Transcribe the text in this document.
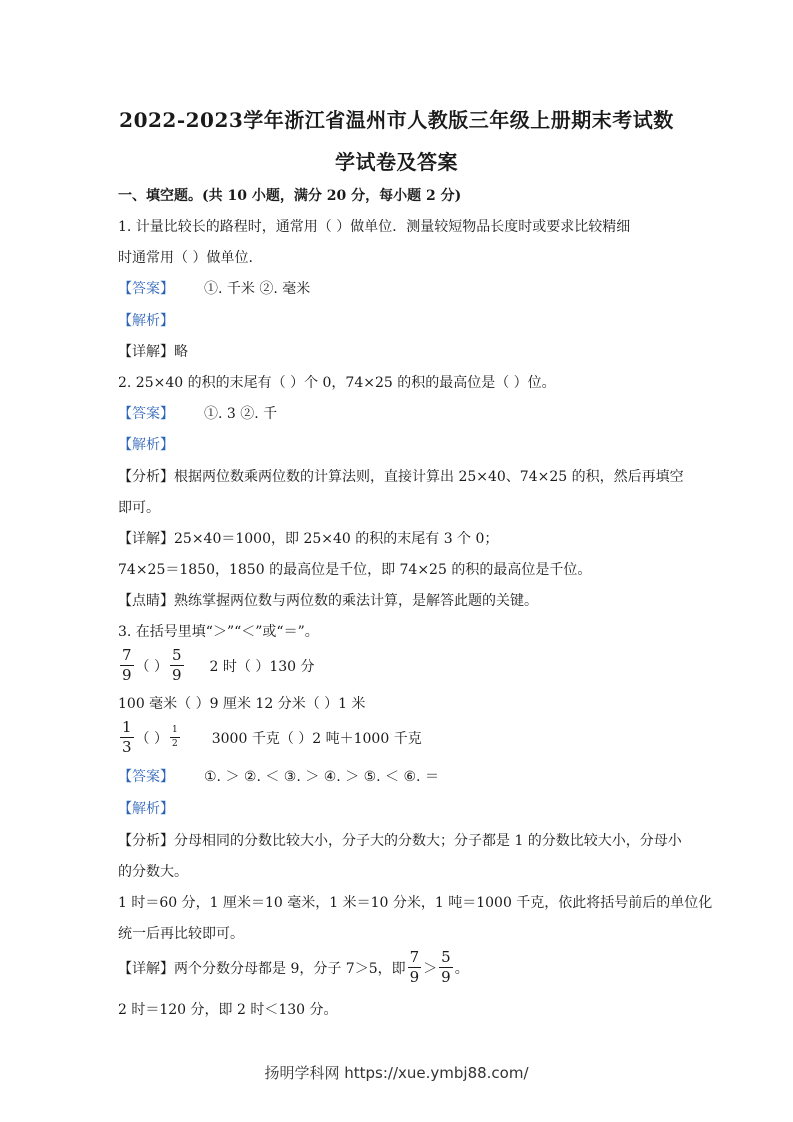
2022-2023学年浙江省温州市人教版三年级上册期末考试数
学试卷及答案
一、填空题。(共 10 小题，满分 20 分，每小题 2 分)
1. 计量比较长的路程时，通常用（ ）做单位．测量较短物品长度时或要求比较精细
时通常用（ ）做单位.
【答案】 ①. 千米 ②. 毫米
【解析】
【详解】略
2. 25×40 的积的末尾有（ ）个 0，74×25 的积的最高位是（ ）位。
【答案】 ①. 3 ②. 千
【解析】
【分析】根据两位数乘两位数的计算法则，直接计算出 25×40、74×25 的积，然后再填空
即可。
【详解】25×40＝1000，即 25×40 的积的末尾有 3 个 0；
74×25＝1850，1850 的最高位是千位，即 74×25 的积的最高位是千位。
【点睛】熟练掌握两位数与两位数的乘法计算，是解答此题的关键。
3. 在括号里填“＞”“＜”或“＝”。
$\frac{7}{9}$ （ ） $\frac{5}{9} 2$ 时（ ）130 分
100 毫米（ ）9 厘米 12 分米（ ）1 米
$\frac{1}{3}$ （ ） $\frac{1}{2} 3000$ 千克（ ）2 吨＋1000 千克
【答案】 ①. ＞ ②. ＜ ③. ＞ ④. ＞ ⑤. ＜ ⑥. ＝
【解析】
【分析】分母相同的分数比较大小，分子大的分数大；分子都是 1 的分数比较大小，分母小
的分数大。
1 时＝60 分，1 厘米＝10 毫米，1 米＝10 分米，1 吨＝1000 千克，依此将括号前后的单位化
统一后再比较即可。
【详解】两个分数分母都是 9，分子 7＞5，即 $\frac{7}{9} > \frac{5}{9}$ 。
2 时＝120 分，即 2 时＜130 分。
扬明学科网 https://xue.ymbj88.com/
